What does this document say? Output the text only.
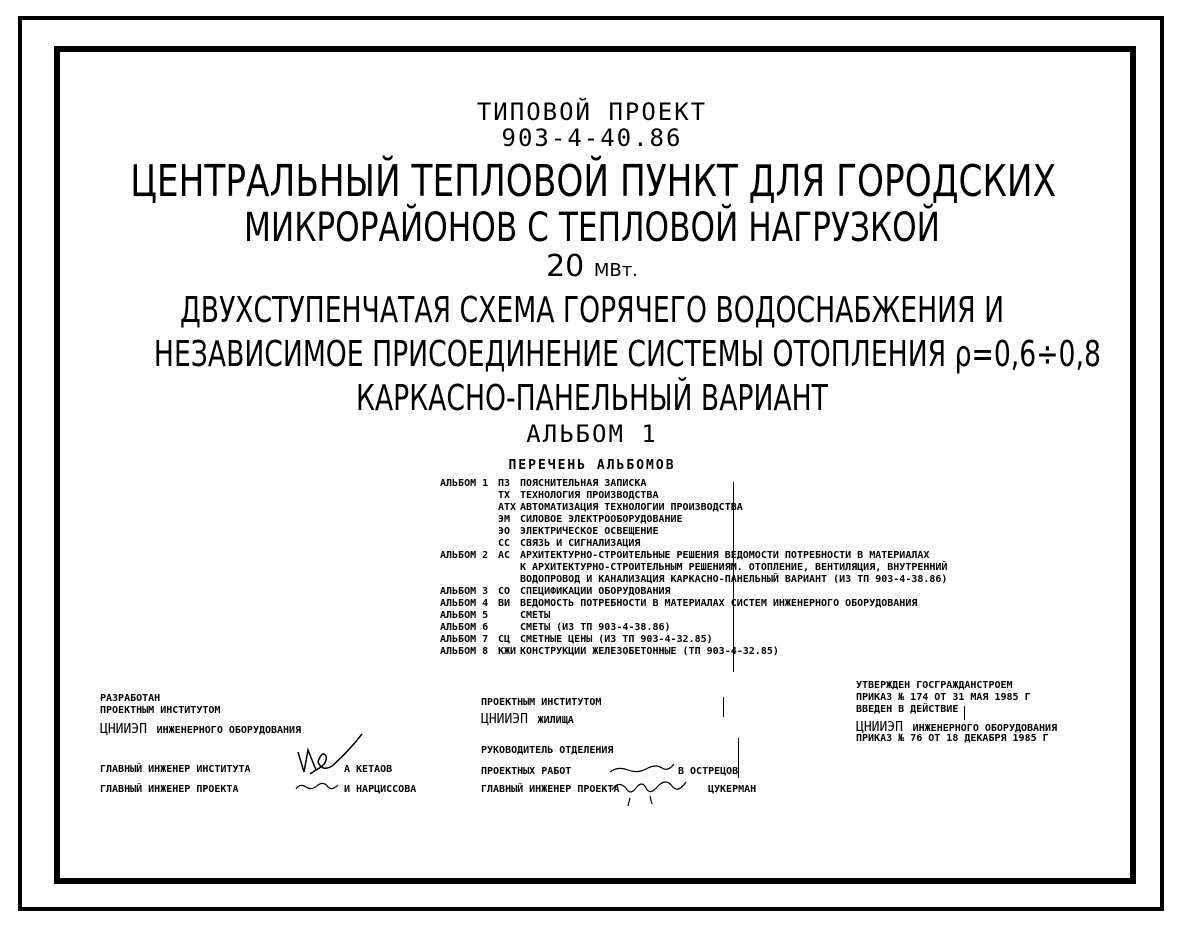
ТИПОВОЙ ПРОЕКТ
903-4-40.86
ЦЕНТРАЛЬНЫЙ ТЕПЛОВОЙ ПУНКТ ДЛЯ ГОРОДСКИХ
МИКРОРАЙОНОВ С ТЕПЛОВОЙ НАГРУЗКОЙ
20 МВт.
ДВУХСТУПЕНЧАТАЯ СХЕМА ГОРЯЧЕГО ВОДОСНАБЖЕНИЯ И
НЕЗАВИСИМОЕ ПРИСОЕДИНЕНИЕ СИСТЕМЫ ОТОПЛЕНИЯ ρ=0,6÷0,8
КАРКАСНО-ПАНЕЛЬНЫЙ ВАРИАНТ
АЛЬБОМ 1
ПЕРЕЧЕНЬ АЛЬБОМОВ
АЛЬБОМ 1 ПЗ ПОЯСНИТЕЛЬНАЯ ЗАПИСКА
ТХ ТЕХНОЛОГИЯ ПРОИЗВОДСТВА
АТХ АВТОМАТИЗАЦИЯ ТЕХНОЛОГИИ ПРОИЗВОДСТВА
ЭМ СИЛОВОЕ ЭЛЕКТРООБОРУДОВАНИЕ
ЭО ЭЛЕКТРИЧЕСКОЕ ОСВЕЩЕНИЕ
СС СВЯЗЬ И СИГНАЛИЗАЦИЯ
АЛЬБОМ 2 АС АРХИТЕКТУРНО-СТРОИТЕЛЬНЫЕ РЕШЕНИЯ ВЕДОМОСТИ ПОТРЕБНОСТИ В МАТЕРИАЛАХ
К АРХИТЕКТУРНО-СТРОИТЕЛЬНЫМ РЕШЕНИЯМ. ОТОПЛЕНИЕ, ВЕНТИЛЯЦИЯ, ВНУТРЕННИЙ
ВОДОПРОВОД И КАНАЛИЗАЦИЯ КАРКАСНО-ПАНЕЛЬНЫЙ ВАРИАНТ (ИЗ ТП 903-4-38.86)
АЛЬБОМ 3 СО СПЕЦИФИКАЦИИ ОБОРУДОВАНИЯ
АЛЬБОМ 4 ВИ ВЕДОМОСТЬ ПОТРЕБНОСТИ В МАТЕРИАЛАХ СИСТЕМ ИНЖЕНЕРНОГО ОБОРУДОВАНИЯ
АЛЬБОМ 5	СМЕТЫ
АЛЬБОМ 6	СМЕТЫ (ИЗ ТП 903-4-38.86)
АЛЬБОМ 7 СЦ СМЕТНЫЕ ЦЕНЫ (ИЗ ТП 903-4-32.85)
АЛЬБОМ 8 КЖИ КОНСТРУКЦИИ ЖЕЛЕЗОБЕТОННЫЕ (ТП 903-4-32.85)
РАЗРАБОТАН
ПРОЕКТНЫМ ИНСТИТУТОМ
ЦНИИЭП ИНЖЕНЕРНОГО ОБОРУДОВАНИЯ
ГЛАВНЫЙ ИНЖЕНЕР ИНСТИТУТА	А КЕТАОВ
ГЛАВНЫЙ ИНЖЕНЕР ПРОЕКТА	И НАРЦИССОВА
ПРОЕКТНЫМ ИНСТИТУТОМ
ЦНИИЭП ЖИЛИЩА
РУКОВОДИТЕЛЬ ОТДЕЛЕНИЯ
ПРОЕКТНЫХ РАБОТ	В ОСТРЕЦОВ
ГЛАВНЫЙ ИНЖЕНЕР ПРОЕКТА	ЦУКЕРМАН
УТВЕРЖДЕН ГОСГРАЖДАНСТРОЕМ
ПРИКАЗ № 174 ОТ 31 МАЯ 1985 Г
ВВЕДЕН В ДЕЙСТВИЕ
ЦНИИЭП ИНЖЕНЕРНОГО ОБОРУДОВАНИЯ
ПРИКАЗ № 76 ОТ 18 ДЕКАБРЯ 1985 Г
